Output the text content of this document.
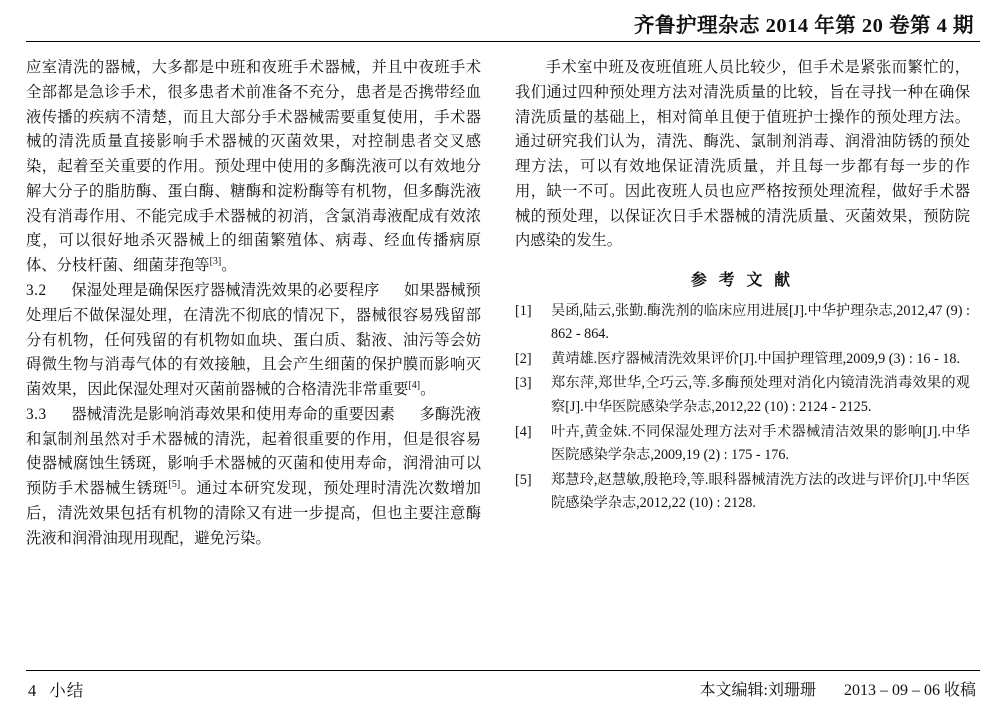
齐鲁护理杂志 2014 年第 20 卷第 4 期

应室清洗的器械，大多都是中班和夜班手术器械，并且中夜班手术全部都是急诊手术，很多患者术前准备不充分，患者是否携带经血液传播的疾病不清楚，而且大部分手术器械需要重复使用，手术器械的清洗质量直接影响手术器械的灭菌效果，对控制患者交叉感染，起着至关重要的作用。预处理中使用的多酶洗液可以有效地分解大分子的脂肪酶、蛋白酶、糖酶和淀粉酶等有机物，但多酶洗液没有消毒作用、不能完成手术器械的初消，含氯消毒液配成有效浓度，可以很好地杀灭器械上的细菌繁殖体、病毒、经血传播病原体、分枝杆菌、细菌芽孢等[3]。

3.2 保湿处理是确保医疗器械清洗效果的必要程序 如果器械预处理后不做保湿处理，在清洗不彻底的情况下，器械很容易残留部分有机物，任何残留的有机物如血块、蛋白质、黏液、油污等会妨碍微生物与消毒气体的有效接触，且会产生细菌的保护膜而影响灭菌效果，因此保湿处理对灭菌前器械的合格清洗非常重要[4]。

3.3 器械清洗是影响消毒效果和使用寿命的重要因素 多酶洗液和氯制剂虽然对手术器械的清洗，起着很重要的作用，但是很容易使器械腐蚀生锈斑，影响手术器械的灭菌和使用寿命，润滑油可以预防手术器械生锈斑[5]。通过本研究发现，预处理时清洗次数增加后，清洗效果包括有机物的清除又有进一步提高，但也主要注意酶洗液和润滑油现用现配，避免污染。

手术室中班及夜班值班人员比较少，但手术是紧张而繁忙的，我们通过四种预处理方法对清洗质量的比较，旨在寻找一种在确保清洗质量的基础上，相对简单且便于值班护士操作的预处理方法。通过研究我们认为，清洗、酶洗、氯制剂消毒、润滑油防锈的预处理方法，可以有效地保证清洗质量，并且每一步都有每一步的作用，缺一不可。因此夜班人员也应严格按预处理流程，做好手术器械的预处理，以保证次日手术器械的清洗质量、灭菌效果，预防院内感染的发生。

参 考 文 献
[1]	吴函,陆云,张勤.酶洗剂的临床应用进展[J].中华护理杂志,2012,47 (9) : 862 - 864.
[2]	黄靖雄.医疗器械清洗效果评价[J].中国护理管理,2009,9 (3) : 16 - 18.
[3]	郑东萍,郑世华,仝巧云,等.多酶预处理对消化内镜清洗消毒效果的观察[J].中华医院感染学杂志,2012,22 (10) : 2124 - 2125.
[4]	叶卉,黄金妹.不同保湿处理方法对手术器械清洁效果的影响[J].中华医院感染学杂志,2009,19 (2) : 175 - 176.
[5]	郑慧玲,赵慧敏,殷艳玲,等.眼科器械清洗方法的改进与评价[J].中华医院感染学杂志,2012,22 (10) : 2128.
4 小结	本文编辑:刘珊珊 2013 – 09 – 06 收稿
